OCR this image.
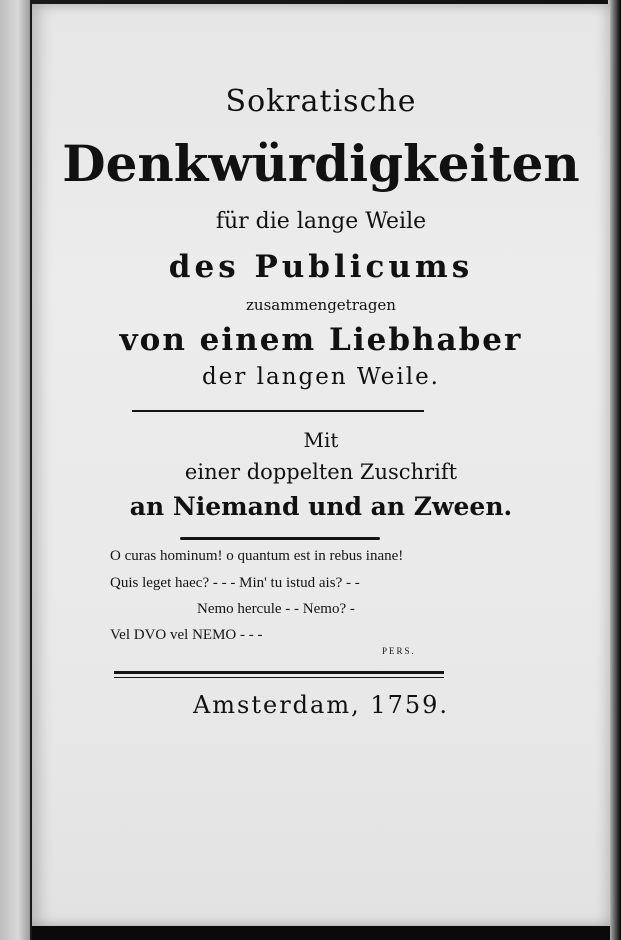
Sokratische
Denkwürdigkeiten
für die lange Weile
des Publicums
zusammengetragen
von einem Liebhaber
der langen Weile.
Mit
einer doppelten Zuschrift
an Niemand und an Zween.
O curas hominum! o quantum est in rebus inane!
Quis leget haec? - - - Min' tu istud ais? - -
Nemo hercule - - Nemo? -
Vel DVO vel NEMO - - -
PERS.
Amsterdam, 1759.
